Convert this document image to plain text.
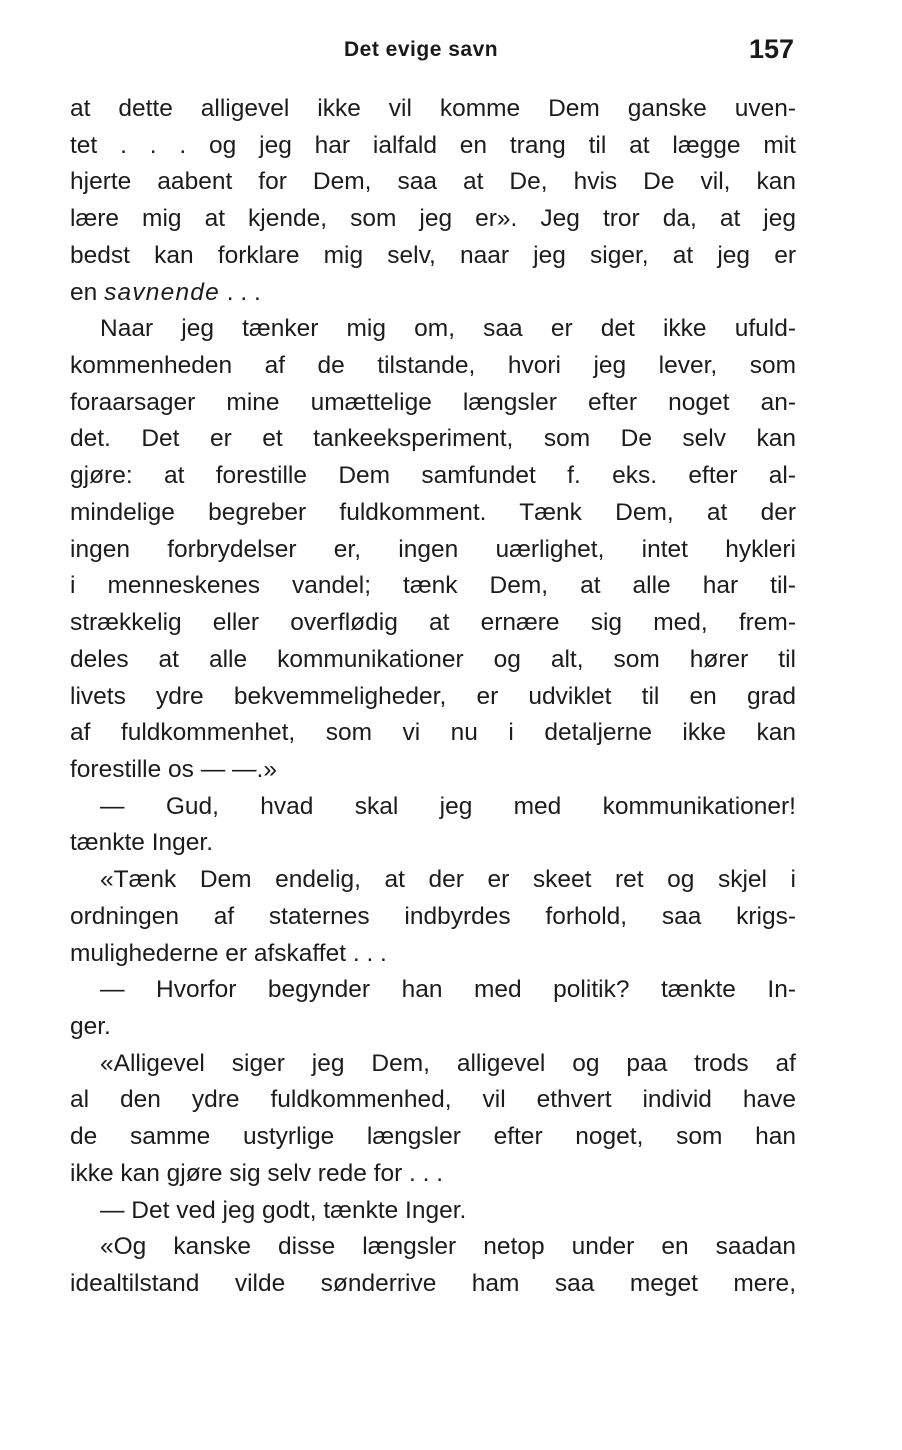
Det evige savn	157
at dette alligevel ikke vil komme Dem ganske uven-
tet . . . og jeg har ialfald en trang til at lægge mit
hjerte aabent for Dem, saa at De, hvis De vil, kan
lære mig at kjende, som jeg er». Jeg tror da, at jeg
bedst kan forklare mig selv, naar jeg siger, at jeg er
en savnende . . .
Naar jeg tænker mig om, saa er det ikke ufuld-
kommenheden af de tilstande, hvori jeg lever, som
foraarsager mine umættelige længsler efter noget an-
det. Det er et tankeeksperiment, som De selv kan
gjøre: at forestille Dem samfundet f. eks. efter al-
mindelige begreber fuldkomment. Tænk Dem, at der
ingen forbrydelser er, ingen uærlighet, intet hykleri
i menneskenes vandel; tænk Dem, at alle har til-
strækkelig eller overflødig at ernære sig med, frem-
deles at alle kommunikationer og alt, som hører til
livets ydre bekvemmeligheder, er udviklet til en grad
af fuldkommenhet, som vi nu i detaljerne ikke kan
forestille os — —.»
— Gud, hvad skal jeg med kommunikationer!
tænkte Inger.
«Tænk Dem endelig, at der er skeet ret og skjel i
ordningen af staternes indbyrdes forhold, saa krigs-
mulighederne er afskaffet . . .
— Hvorfor begynder han med politik? tænkte In-
ger.
«Alligevel siger jeg Dem, alligevel og paa trods af
al den ydre fuldkommenhed, vil ethvert individ have
de samme ustyrlige længsler efter noget, som han
ikke kan gjøre sig selv rede for . . .
— Det ved jeg godt, tænkte Inger.
«Og kanske disse længsler netop under en saadan
idealtilstand vilde sønderrive ham saa meget mere,
